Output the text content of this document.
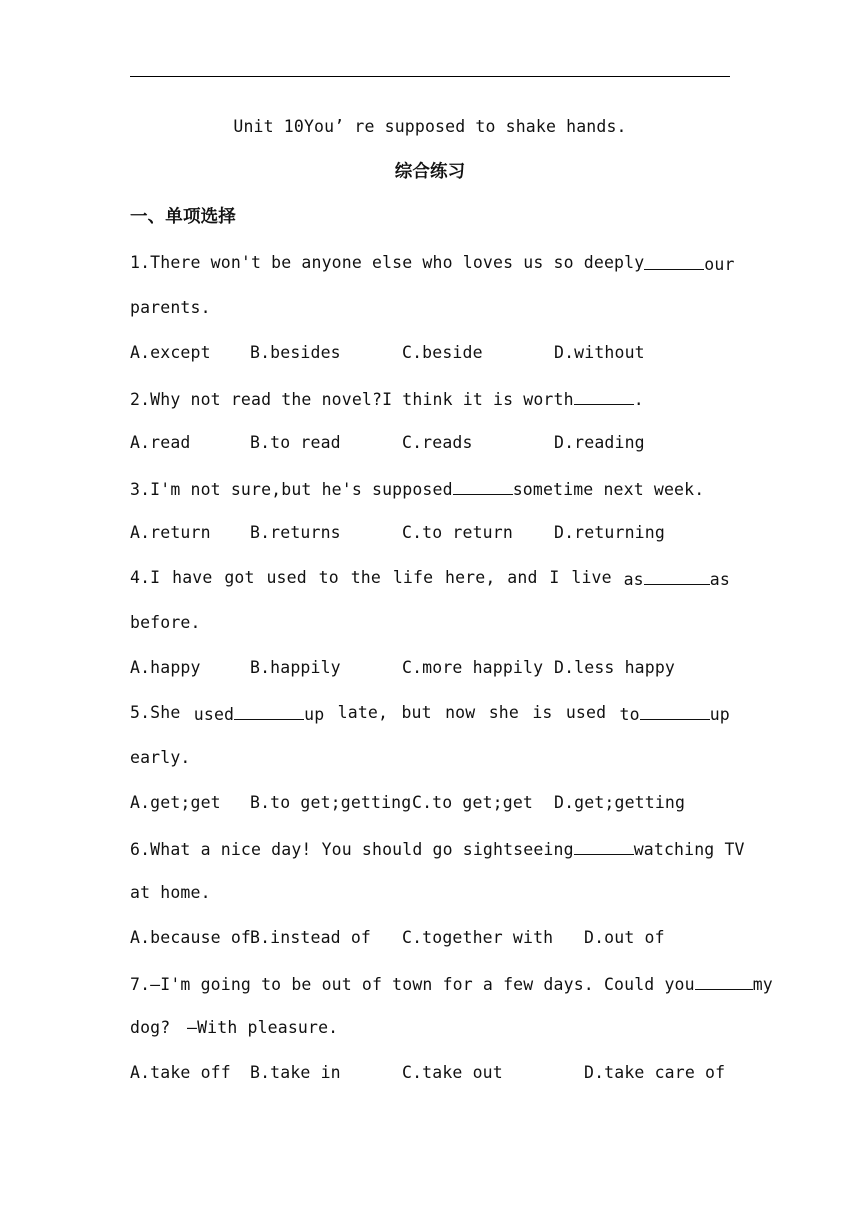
Unit 10You’ re supposed to shake hands.
综合练习
一、单项选择
1.There won't be anyone else who loves us so deeply	our
parents.

A.except

B.besides

	C.beside

	D.without

2.Why not read the novel?I think it is worth	.

A.read

	B.to read

	C.reads

	D.reading

3.I'm not sure,but he's supposed	sometime next week.

A.return

B.returns

	C.to return

D.returning

4.I have got used to the life here, and I live as	as
before.

A.happy

	B.happily

	C.more happily

D.less happy

5.She used	up late, but now she is used to	up
early.

A.get;get

B.to get;getting

C.to get;get

D.get;getting

6.What a nice day! You should go sightseeing	watching TV
at home.

A.because of

B.instead of

C.together with

D.out of

7.—I'm going to be out of town for a few days. Could you	my
dog?　—With pleasure.

A.take off

B.take in

	C.take out

	D.take care of
